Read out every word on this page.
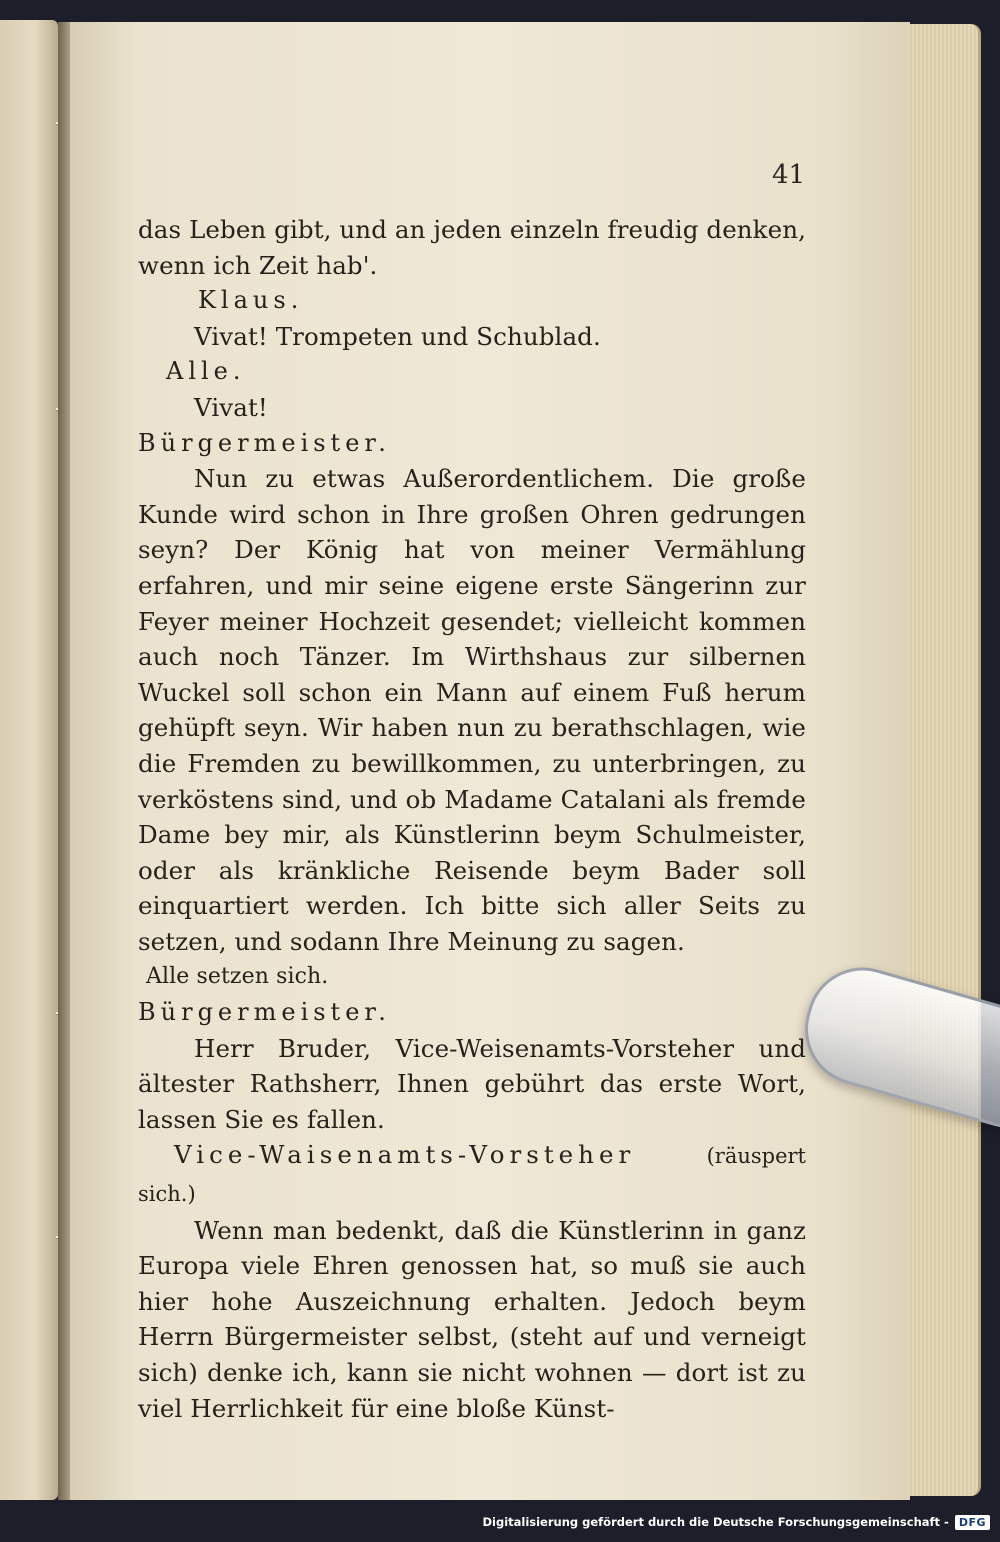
41

das Leben gibt, und an jeden einzeln freudig denken, wenn ich Zeit hab'.

Klaus.

Vivat! Trompeten und Schublad.

Alle.

Vivat!

Bürgermeister.

Nun zu etwas Außerordentlichem. Die große Kunde wird schon in Ihre großen Ohren gedrungen seyn? Der König hat von meiner Vermählung erfahren, und mir seine eigene erste Sängerinn zur Feyer meiner Hochzeit gesendet; vielleicht kommen auch noch Tänzer. Im Wirthshaus zur silbernen Wuckel soll schon ein Mann auf einem Fuß herum gehüpft seyn. Wir haben nun zu berathschlagen, wie die Fremden zu bewillkommen, zu unterbringen, zu verköstens sind, und ob Madame Catalani als fremde Dame bey mir, als Künstlerinn beym Schulmeister, oder als kränkliche Reisende beym Bader soll einquartiert werden. Ich bitte sich aller Seits zu setzen, und sodann Ihre Meinung zu sagen.

Alle setzen sich.

Bürgermeister.

Herr Bruder, Vice-Weisenamts-Vorsteher und ältester Rathsherr, Ihnen gebührt das erste Wort, lassen Sie es fallen.

Vice-Waisenamts-Vorsteher	(räuspert sich.)

Wenn man bedenkt, daß die Künstlerinn in ganz Europa viele Ehren genossen hat, so muß sie auch hier hohe Auszeichnung erhalten. Jedoch beym Herrn Bürgermeister selbst, (steht auf und verneigt sich) denke ich, kann sie nicht wohnen — dort ist zu viel Herrlichkeit für eine bloße Künst-

Digitalisierung gefördert durch die Deutsche Forschungsgemeinschaft - DFG
